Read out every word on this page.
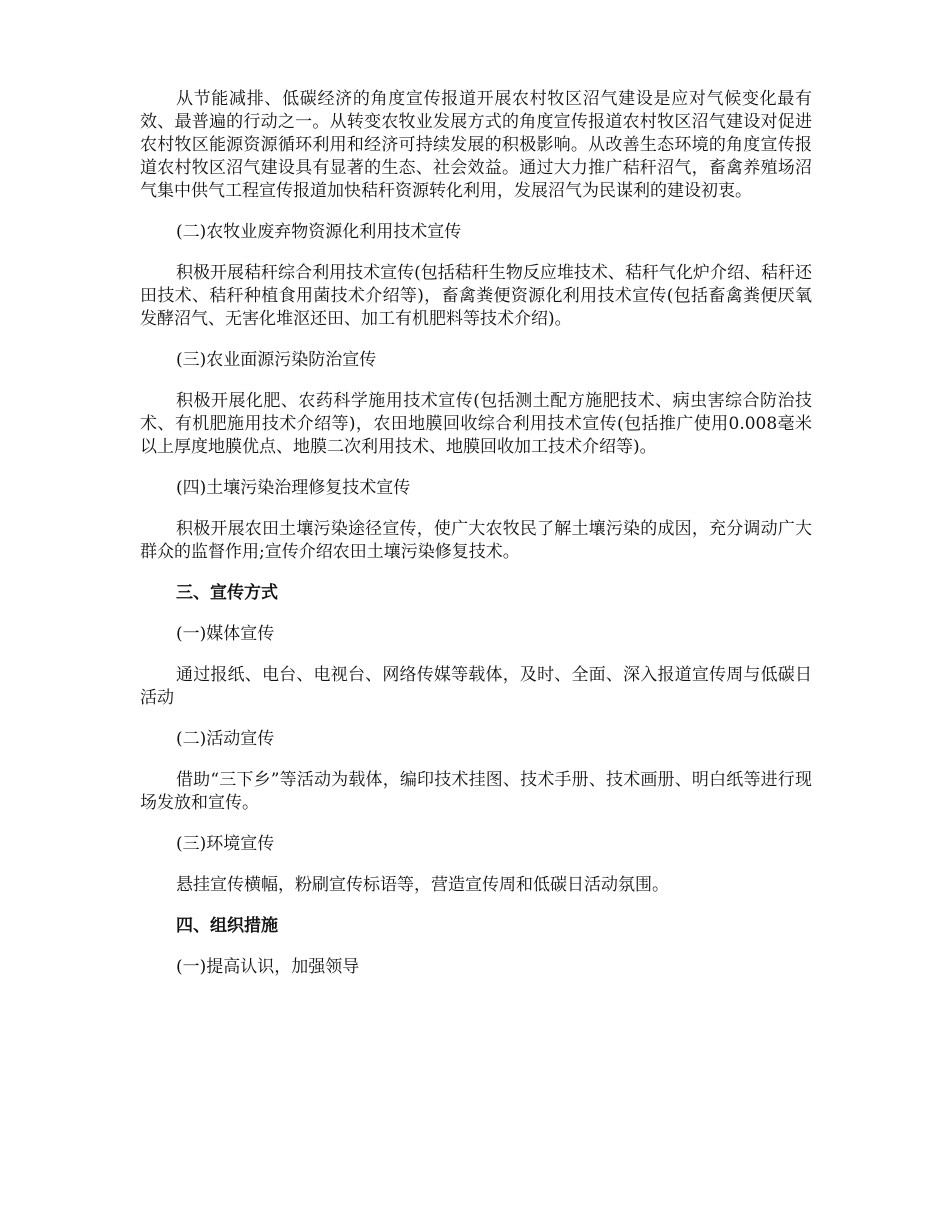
从节能减排、低碳经济的角度宣传报道开展农村牧区沼气建设是应对气候变化最有效、最普遍的行动之一。从转变农牧业发展方式的角度宣传报道农村牧区沼气建设对促进农村牧区能源资源循环利用和经济可持续发展的积极影响。从改善生态环境的角度宣传报道农村牧区沼气建设具有显著的生态、社会效益。通过大力推广秸秆沼气，畜禽养殖场沼气集中供气工程宣传报道加快秸秆资源转化利用，发展沼气为民谋利的建设初衷。

(二)农牧业废弃物资源化利用技术宣传

积极开展秸秆综合利用技术宣传(包括秸秆生物反应堆技术、秸秆气化炉介绍、秸秆还田技术、秸秆种植食用菌技术介绍等)，畜禽粪便资源化利用技术宣传(包括畜禽粪便厌氧发酵沼气、无害化堆沤还田、加工有机肥料等技术介绍)。

(三)农业面源污染防治宣传

积极开展化肥、农药科学施用技术宣传(包括测土配方施肥技术、病虫害综合防治技术、有机肥施用技术介绍等)，农田地膜回收综合利用技术宣传(包括推广使用0.008毫米以上厚度地膜优点、地膜二次利用技术、地膜回收加工技术介绍等)。

(四)土壤污染治理修复技术宣传

积极开展农田土壤污染途径宣传，使广大农牧民了解土壤污染的成因，充分调动广大群众的监督作用;宣传介绍农田土壤污染修复技术。

三、宣传方式

(一)媒体宣传

通过报纸、电台、电视台、网络传媒等载体，及时、全面、深入报道宣传周与低碳日活动

(二)活动宣传

借助“三下乡”等活动为载体，编印技术挂图、技术手册、技术画册、明白纸等进行现场发放和宣传。

(三)环境宣传

悬挂宣传横幅，粉刷宣传标语等，营造宣传周和低碳日活动氛围。

四、组织措施

(一)提高认识，加强领导
